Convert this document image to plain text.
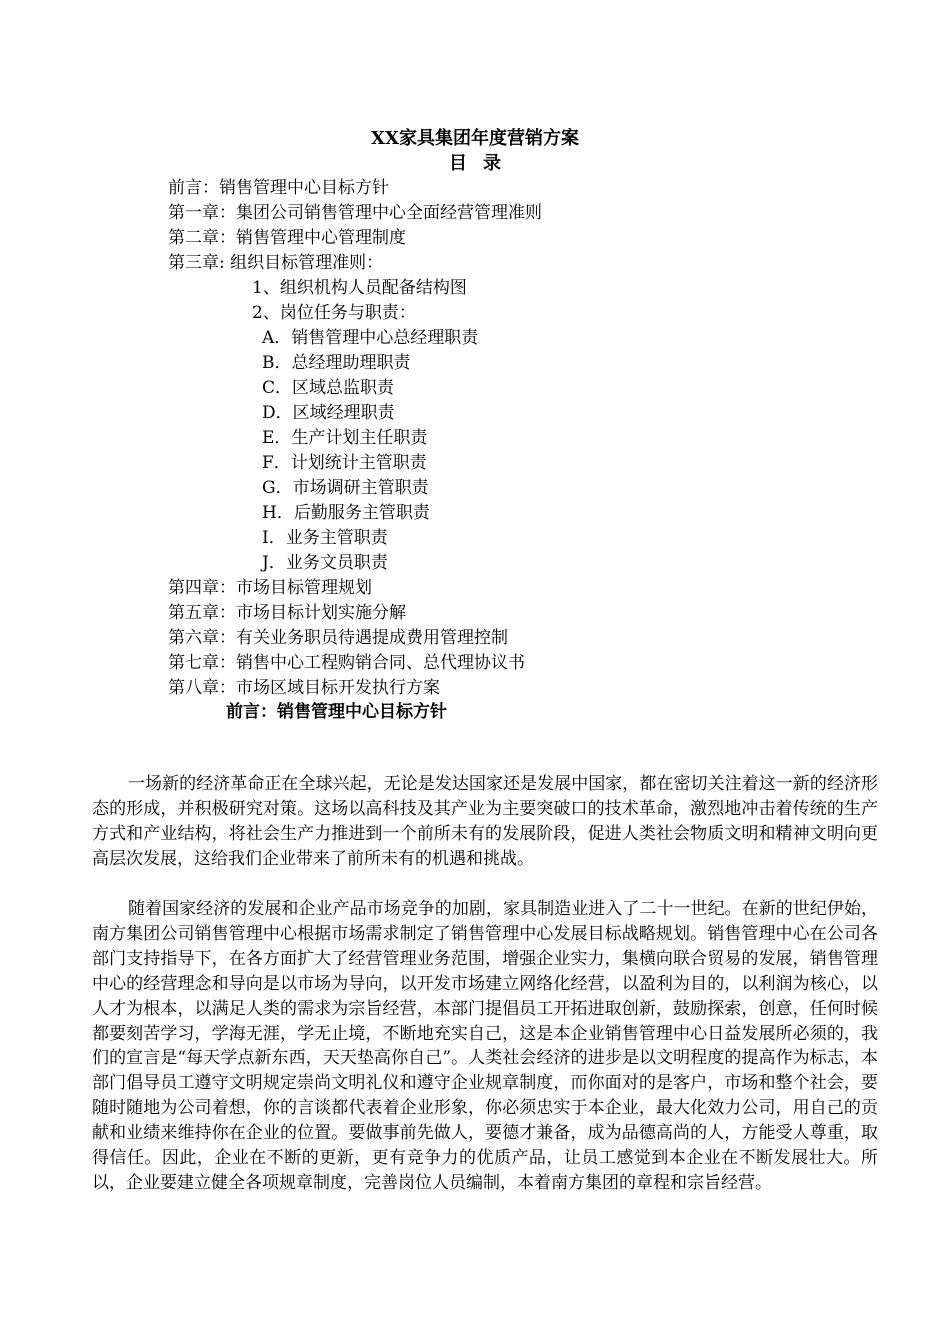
XX家具集团年度营销方案
目录
前言：销售管理中心目标方针
第一章：集团公司销售管理中心全面经营管理准则
第二章：销售管理中心管理制度
第三章: 组织目标管理准则：
1、组织机构人员配备结构图
2、岗位任务与职责：
A．销售管理中心总经理职责
B．总经理助理职责
C．区域总监职责
D．区域经理职责
E．生产计划主任职责
F．计划统计主管职责
G．市场调研主管职责
H．后勤服务主管职责
I．业务主管职责
J．业务文员职责
第四章：市场目标管理规划
第五章：市场目标计划实施分解
第六章：有关业务职员待遇提成费用管理控制
第七章：销售中心工程购销合同、总代理协议书
第八章：市场区域目标开发执行方案
前言：销售管理中心目标方针

一场新的经济革命正在全球兴起，无论是发达国家还是发展中国家，都在密切关注着这一新的经济形态的形成，并积极研究对策。这场以高科技及其产业为主要突破口的技术革命，激烈地冲击着传统的生产方式和产业结构，将社会生产力推进到一个前所未有的发展阶段，促进人类社会物质文明和精神文明向更高层次发展，这给我们企业带来了前所未有的机遇和挑战。

随着国家经济的发展和企业产品市场竞争的加剧，家具制造业进入了二十一世纪。在新的世纪伊始，南方集团公司销售管理中心根据市场需求制定了销售管理中心发展目标战略规划。销售管理中心在公司各部门支持指导下，在各方面扩大了经营管理业务范围，增强企业实力，集横向联合贸易的发展，销售管理中心的经营理念和导向是以市场为导向，以开发市场建立网络化经营，以盈利为目的，以利润为核心，以人才为根本，以满足人类的需求为宗旨经营，本部门提倡员工开拓进取创新，鼓励探索，创意，任何时候都要刻苦学习，学海无涯，学无止境，不断地充实自己，这是本企业销售管理中心日益发展所必须的，我们的宣言是“每天学点新东西，天天垫高你自己”。人类社会经济的进步是以文明程度的提高作为标志，本部门倡导员工遵守文明规定崇尚文明礼仪和遵守企业规章制度，而你面对的是客户，市场和整个社会，要随时随地为公司着想，你的言谈都代表着企业形象，你必须忠实于本企业，最大化效力公司，用自己的贡献和业绩来维持你在企业的位置。要做事前先做人，要德才兼备，成为品德高尚的人，方能受人尊重，取得信任。因此，企业在不断的更新，更有竞争力的优质产品，让员工感觉到本企业在不断发展壮大。所以，企业要建立健全各项规章制度，完善岗位人员编制，本着南方集团的章程和宗旨经营。
